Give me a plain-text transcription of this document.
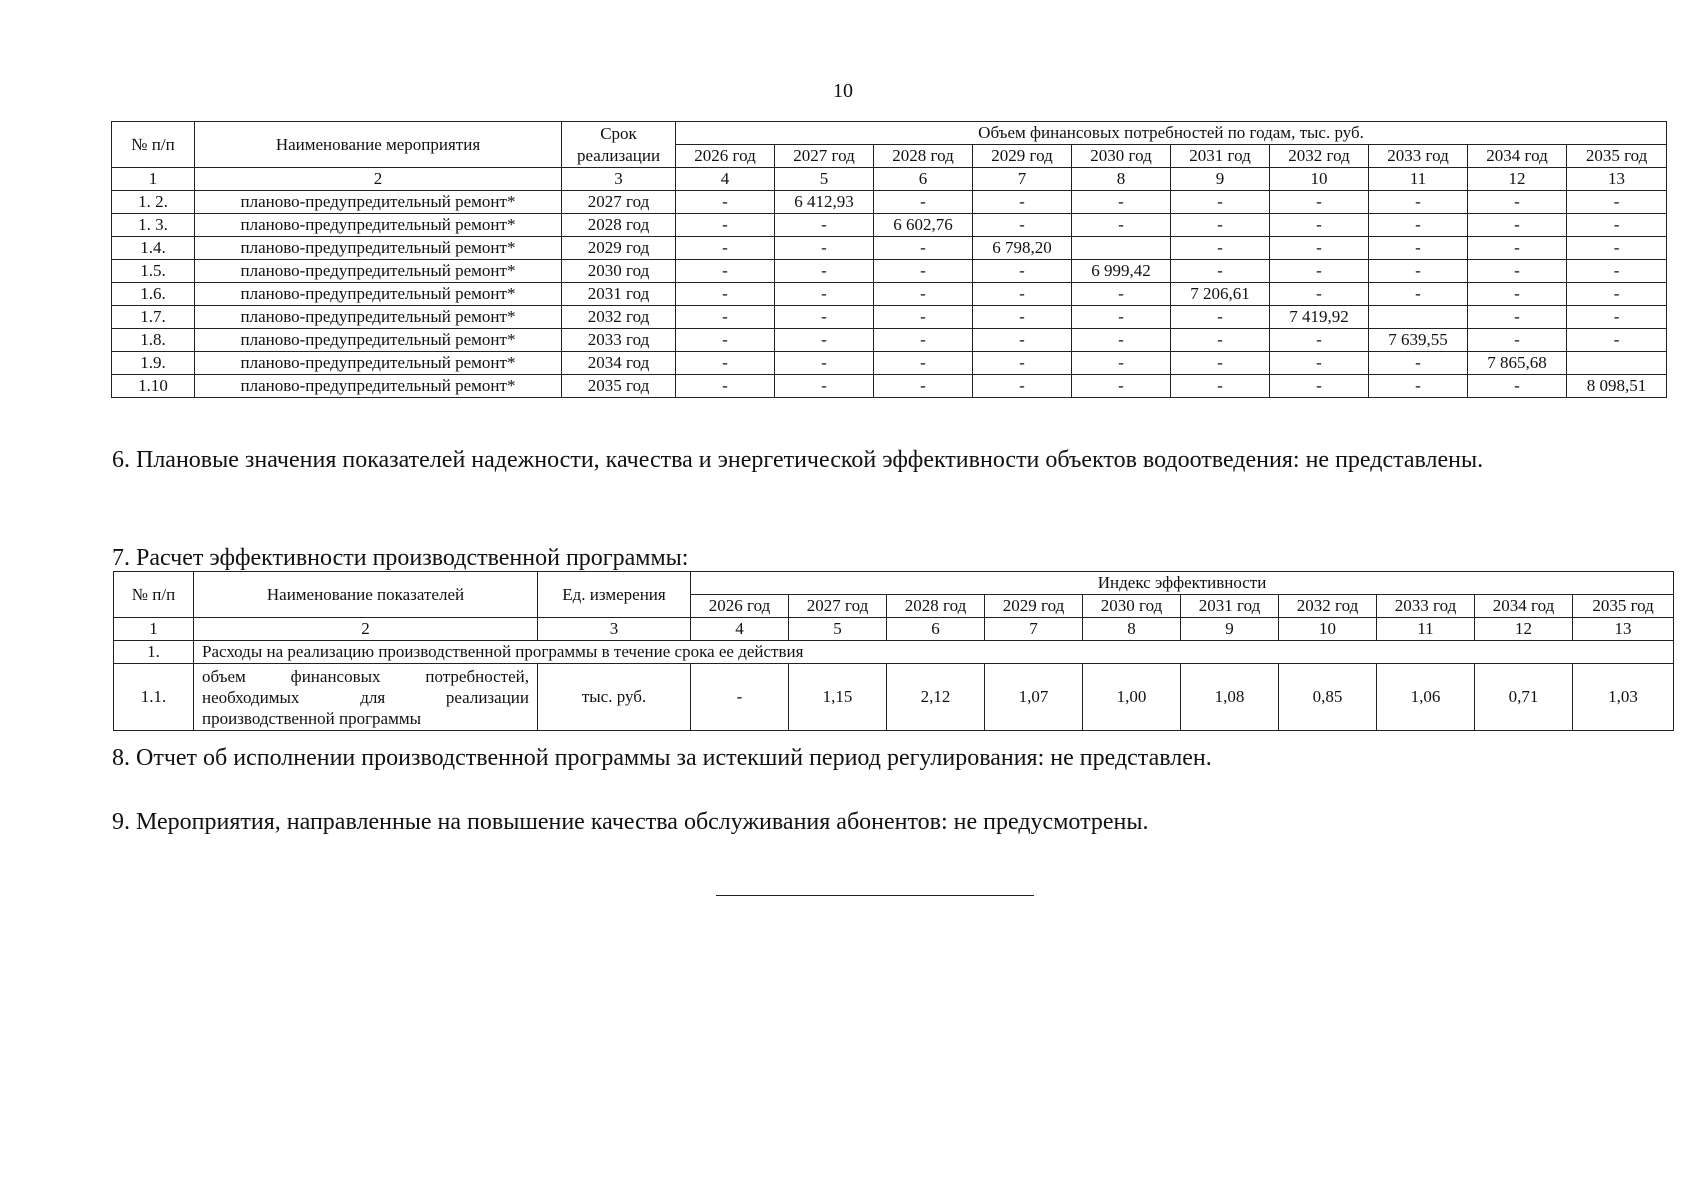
10
№ п/п	Наименование мероприятия	Срок реализации	Объем финансовых потребностей по годам, тыс. руб.									
			2026 год	2027 год	2028 год	2029 год	2030 год	2031 год	2032 год	2033 год	2034 год	2035 год
1	2	3	4	5	6	7	8	9	10	11	12	13
1. 2.	планово-предупредительный ремонт*	2027 год	-	6 412,93	-	-	-	-	-	-	-	-
1. 3.	планово-предупредительный ремонт*	2028 год	-	-	6 602,76	-	-	-	-	-	-	-
1.4.	планово-предупредительный ремонт*	2029 год	-	-	-	6 798,20		-	-	-	-	-
1.5.	планово-предупредительный ремонт*	2030 год	-	-	-	-	6 999,42	-	-	-	-	-
1.6.	планово-предупредительный ремонт*	2031 год	-	-	-	-	-	7 206,61	-	-	-	-
1.7.	планово-предупредительный ремонт*	2032 год	-	-	-	-	-	-	7 419,92		-	-
1.8.	планово-предупредительный ремонт*	2033 год	-	-	-	-	-	-	-	7 639,55	-	-
1.9.	планово-предупредительный ремонт*	2034 год	-	-	-	-	-	-	-	-	7 865,68	
1.10	планово-предупредительный ремонт*	2035 год	-	-	-	-	-	-	-	-	-	8 098,51
6. Плановые значения показателей надежности, качества и энергетической эффективности объектов водоотведения: не представлены.
7. Расчет эффективности производственной программы:
№ п/п	Наименование показателей	Ед. измерения	Индекс эффективности									
			2026 год	2027 год	2028 год	2029 год	2030 год	2031 год	2032 год	2033 год	2034 год	2035 год
1	2	3	4	5	6	7	8	9	10	11	12	13
1.	Расходы на реализацию производственной программы в течение срока ее действия											
1.1.	объем финансовых потребностей, необходимых для реализации производственной программы	тыс. руб.	-	1,15	2,12	1,07	1,00	1,08	0,85	1,06	0,71	1,03
8. Отчет об исполнении производственной программы за истекший период регулирования: не представлен.
9. Мероприятия, направленные на повышение качества обслуживания абонентов: не предусмотрены.
